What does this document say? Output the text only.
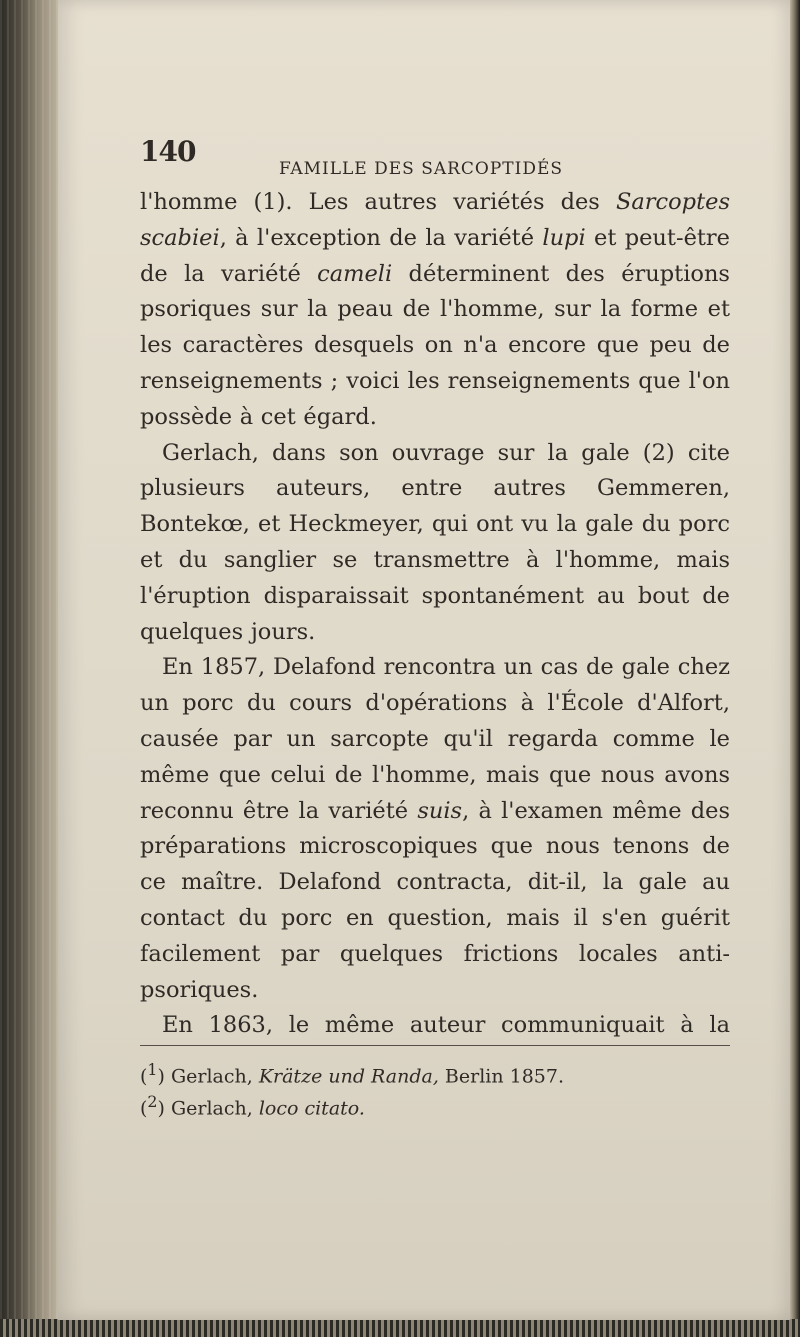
140
FAMILLE DES SARCOPTIDÉS

l'homme (1). Les autres variétés des Sarcoptes scabiei, à l'exception de la variété lupi et peut-être de la variété cameli déterminent des éruptions psoriques sur la peau de l'homme, sur la forme et les caractères desquels on n'a encore que peu de renseignements ; voici les renseignements que l'on possède à cet égard.

Gerlach, dans son ouvrage sur la gale (2) cite plusieurs auteurs, entre autres Gemmeren, Bontekœ, et Heckmeyer, qui ont vu la gale du porc et du sanglier se transmettre à l'homme, mais l'éruption disparaissait spontanément au bout de quelques jours.

En 1857, Delafond rencontra un cas de gale chez un porc du cours d'opérations à l'École d'Alfort, causée par un sarcopte qu'il regarda comme le même que celui de l'homme, mais que nous avons reconnu être la variété suis, à l'examen même des préparations microscopiques que nous tenons de ce maître. Delafond contracta, dit-il, la gale au contact du porc en question, mais il s'en guérit facilement par quelques frictions locales anti-psoriques.

En 1863, le même auteur communiquait à la

($^1$) Gerlach, Krätze und Randa, Berlin 1857.

($^2$) Gerlach, loco citato.
